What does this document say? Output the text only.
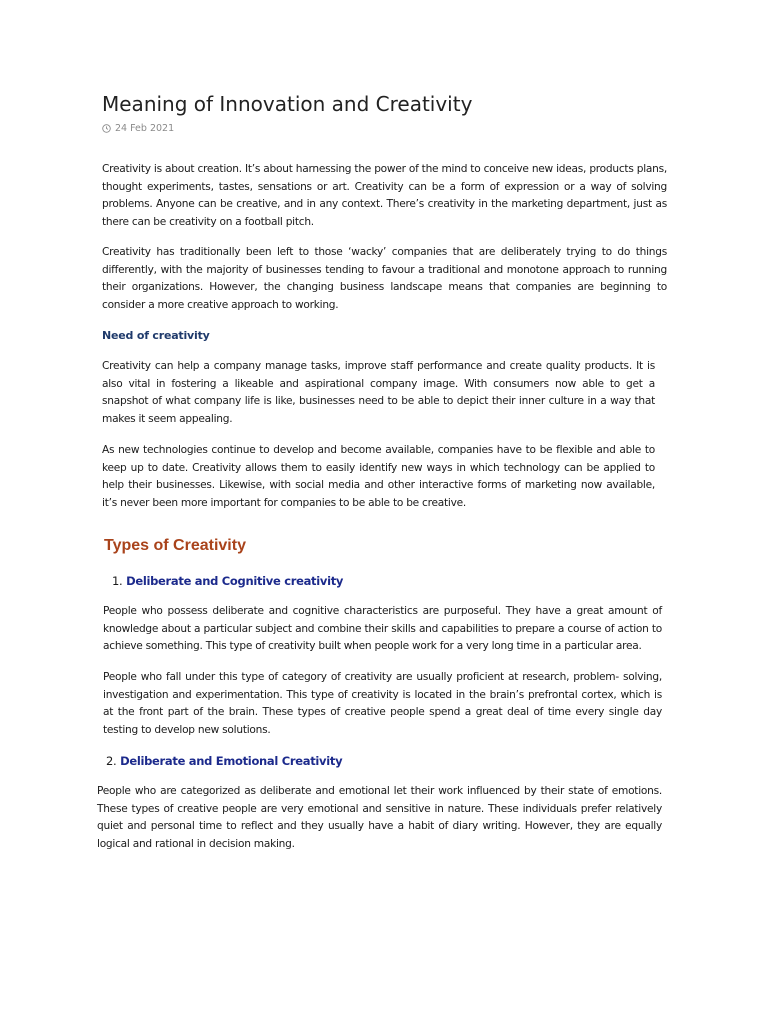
Meaning of Innovation and Creativity
24 Feb 2021

Creativity is about creation. It’s about harnessing the power of the mind to conceive new ideas, products plans, thought experiments, tastes, sensations or art. Creativity can be a form of expression or a way of solving problems. Anyone can be creative, and in any context. There’s creativity in the marketing department, just as there can be creativity on a football pitch.

Creativity has traditionally been left to those ‘wacky’ companies that are deliberately trying to do things differently, with the majority of businesses tending to favour a traditional and monotone approach to running their organizations. However, the changing business landscape means that companies are beginning to consider a more creative approach to working.

Need of creativity

Creativity can help a company manage tasks, improve staff performance and create quality products. It is also vital in fostering a likeable and aspirational company image. With consumers now able to get a snapshot of what company life is like, businesses need to be able to depict their inner culture in a way that makes it seem appealing.

As new technologies continue to develop and become available, companies have to be flexible and able to keep up to date. Creativity allows them to easily identify new ways in which technology can be applied to help their businesses. Likewise, with social media and other interactive forms of marketing now available, it’s never been more important for companies to be able to be creative.

Types of Creativity
1. Deliberate and Cognitive creativity

People who possess deliberate and cognitive characteristics are purposeful. They have a great amount of knowledge about a particular subject and combine their skills and capabilities to prepare a course of action to achieve something. This type of creativity built when people work for a very long time in a particular area.

People who fall under this type of category of creativity are usually proficient at research, problem- solving, investigation and experimentation. This type of creativity is located in the brain’s prefrontal cortex, which is at the front part of the brain. These types of creative people spend a great deal of time every single day testing to develop new solutions.

2. Deliberate and Emotional Creativity

People who are categorized as deliberate and emotional let their work influenced by their state of emotions. These types of creative people are very emotional and sensitive in nature. These individuals prefer relatively quiet and personal time to reflect and they usually have a habit of diary writing. However, they are equally logical and rational in decision making.
